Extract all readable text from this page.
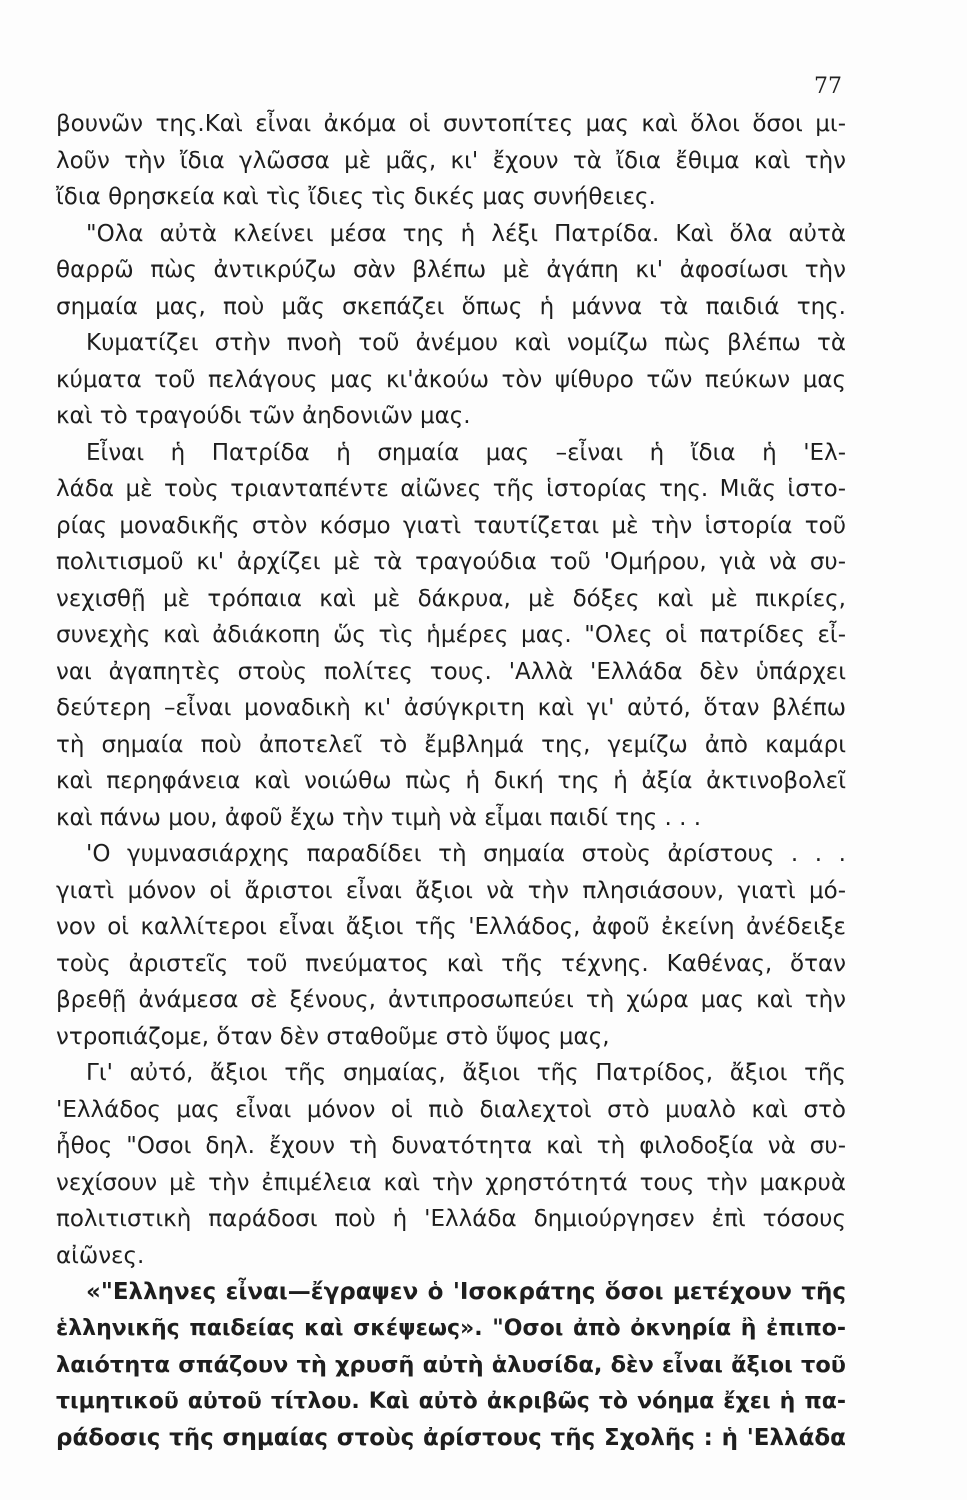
77
βουνῶν της.Καὶ εἶναι ἀκόμα οἱ συντοπίτες μας καὶ ὅλοι ὅσοι μι-
λοῦν τὴν ἴδια γλῶσσα μὲ μᾶς, κι' ἔχουν τὰ ἴδια ἔθιμα καὶ τὴν
ἴδια θρησκεία καὶ τὶς ἴδιες τὶς δικές μας συνήθειες.
"Ολα αὐτὰ κλείνει μέσα της ἡ λέξι Πατρίδα. Καὶ ὅλα αὐτὰ
θαρρῶ πὼς ἀντικρύζω σὰν βλέπω μὲ ἀγάπη κι' ἀφοσίωσι τὴν
σημαία μας, ποὺ μᾶς σκεπάζει ὅπως ἡ μάννα τὰ παιδιά της.
Κυματίζει στὴν πνοὴ τοῦ ἀνέμου καὶ νομίζω πὼς βλέπω τὰ
κύματα τοῦ πελάγους μας κι'ἀκούω τὸν ψίθυρο τῶν πεύκων μας
καὶ τὸ τραγούδι τῶν ἀηδονιῶν μας.
Εἶναι ἡ Πατρίδα ἡ σημαία μας –εἶναι ἡ ἴδια ἡ 'Ελ-
λάδα μὲ τοὺς τριανταπέντε αἰῶνες τῆς ἱστορίας της. Μιᾶς ἱστο-
ρίας μοναδικῆς στὸν κόσμο γιατὶ ταυτίζεται μὲ τὴν ἱστορία τοῦ
πολιτισμοῦ κι' ἀρχίζει μὲ τὰ τραγούδια τοῦ 'Ομήρου, γιὰ νὰ συ-
νεχισθῇ μὲ τρόπαια καὶ μὲ δάκρυα, μὲ δόξες καὶ μὲ πικρίες,
συνεχὴς καὶ ἀδιάκοπη ὥς τὶς ἡμέρες μας. "Ολες οἱ πατρίδες εἶ-
ναι ἀγαπητὲς στοὺς πολίτες τους. 'Αλλὰ 'Ελλάδα δὲν ὑπάρχει
δεύτερη –εἶναι μοναδικὴ κι' ἀσύγκριτη καὶ γι' αὐτό, ὅταν βλέπω
τὴ σημαία ποὺ ἀποτελεῖ τὸ ἔμβλημά της, γεμίζω ἀπὸ καμάρι
καὶ περηφάνεια καὶ νοιώθω πὼς ἡ δική της ἡ ἀξία ἀκτινοβολεῖ
καὶ πάνω μου, ἀφοῦ ἔχω τὴν τιμὴ νὰ εἶμαι παιδί της . . .
'Ο γυμνασιάρχης παραδίδει τὴ σημαία στοὺς ἀρίστους . . .
γιατὶ μόνον οἱ ἄριστοι εἶναι ἄξιοι νὰ τὴν πλησιάσουν, γιατὶ μό-
νον οἱ καλλίτεροι εἶναι ἄξιοι τῆς 'Ελλάδος, ἀφοῦ ἐκείνη ἀνέδειξε
τοὺς ἀριστεῖς τοῦ πνεύματος καὶ τῆς τέχνης. Καθένας, ὅταν
βρεθῇ ἀνάμεσα σὲ ξένους, ἀντιπροσωπεύει τὴ χώρα μας καὶ τὴν
ντροπιάζομε, ὅταν δὲν σταθοῦμε στὸ ὕψος μας,
Γι' αὐτό, ἄξιοι τῆς σημαίας, ἄξιοι τῆς Πατρίδος, ἄξιοι τῆς
'Ελλάδος μας εἶναι μόνον οἱ πιὸ διαλεχτοὶ στὸ μυαλὸ καὶ στὸ
ἦθος "Οσοι δηλ. ἔχουν τὴ δυνατότητα καὶ τὴ φιλοδοξία νὰ συ-
νεχίσουν μὲ τὴν ἐπιμέλεια καὶ τὴν χρηστότητά τους τὴν μακρυὰ
πολιτιστικὴ παράδοσι ποὺ ἡ 'Ελλάδα δημιούργησεν ἐπὶ τόσους
αἰῶνες.
«"Ελληνες εἶναι—ἔγραψεν ὁ 'Ισοκράτης ὅσοι μετέχουν τῆς
ἑλληνικῆς παιδείας καὶ σκέψεως». "Οσοι ἀπὸ ὀκνηρία ἢ ἐπιπο-
λαιότητα σπάζουν τὴ χρυσῆ αὐτὴ ἁλυσίδα, δὲν εἶναι ἄξιοι τοῦ
τιμητικοῦ αὐτοῦ τίτλου. Καὶ αὐτὸ ἀκριβῶς τὸ νόημα ἔχει ἡ πα-
ράδοσις τῆς σημαίας στοὺς ἀρίστους τῆς Σχολῆς : ἡ 'Ελλάδα
